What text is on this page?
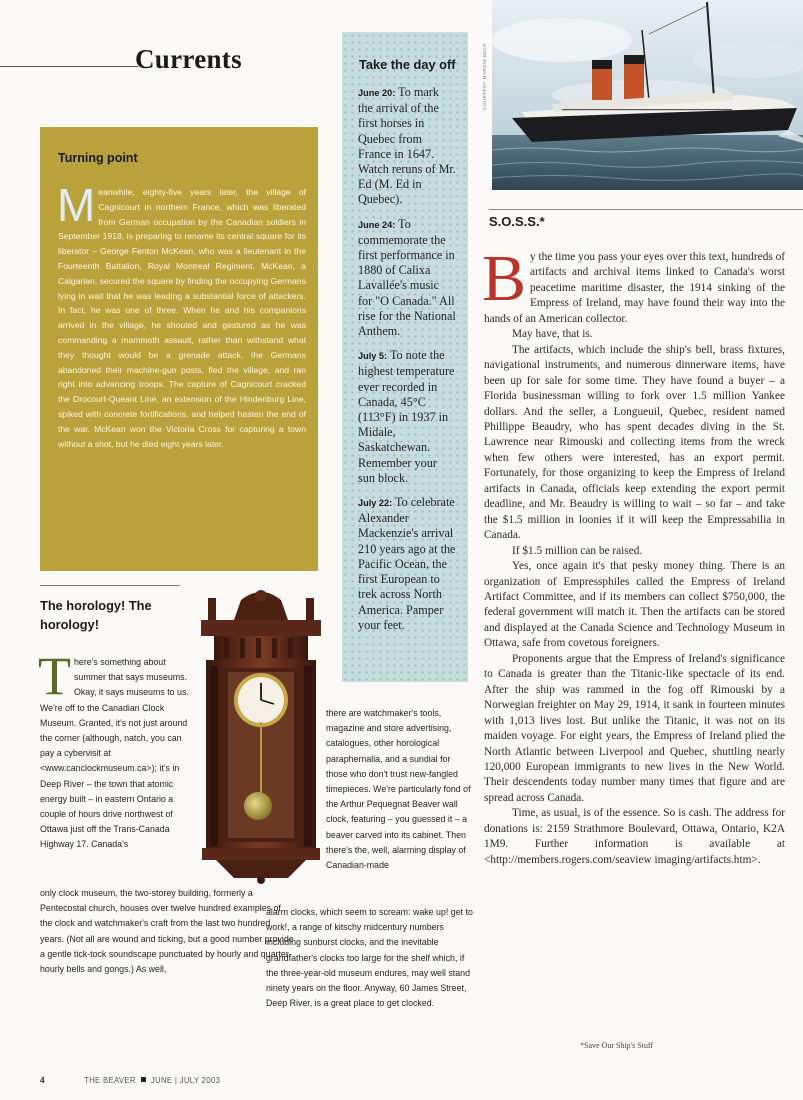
Currents
Turning point
Meanwhile, eighty-five years later, the village of Cagnicourt in northern France, which was liberated from German occupation by the Canadian soldiers in September 1918, is preparing to rename its central square for its liberator – George Fenton McKean, who was a lieutenant in the Fourteenth Battalion, Royal Montreal Regiment. McKean, a Calgarian, secured the square by finding the occupying Germans lying in wait that he was leading a substantial force of attackers. In fact, he was one of three. When he and his companions arrived in the village, he shouted and gestured as he was commanding a mammoth assault, rather than withstand what they thought would be a grenade attack, the Germans abandoned their machine-gun posts, fled the village, and ran right into advancing troops. The capture of Cagnicourt cracked the Drocourt-Queant Line, an extension of the Hindenburg Line, spiked with concrete fortifications, and helped hasten the end of the war. McKean won the Victoria Cross for capturing a town without a shot, but he died eight years later.
Take the day off
June 20: To mark the arrival of the first horses in Quebec from France in 1647. Watch reruns of Mr. Ed (M. Ed in Quebec).
June 24: To commemorate the first performance in 1880 of Calixa Lavallée's music for "O Canada." All rise for the National Anthem.
July 5: To note the highest temperature ever recorded in Canada, 45°C (113°F) in 1937 in Midale, Saskatchewan. Remember your sun block.
July 22: To celebrate Alexander Mackenzie's arrival 210 years ago at the Pacific Ocean, the first European to trek across North America. Pamper your feet.
COURTESY MARVIN BECK
S.O.S.S.*

By the time you pass your eyes over this text, hundreds of artifacts and archival items linked to Canada's worst peacetime maritime disaster, the 1914 sinking of the Empress of Ireland, may have found their way into the hands of an American collector.

May have, that is.

The artifacts, which include the ship's bell, brass fixtures, navigational instruments, and numerous dinnerware items, have been up for sale for some time. They have found a buyer – a Florida businessman willing to fork over 1.5 million Yankee dollars. And the seller, a Longueuil, Quebec, resident named Phillippe Beaudry, who has spent decades diving in the St. Lawrence near Rimouski and collecting items from the wreck when few others were interested, has an export permit. Fortunately, for those organizing to keep the Empress of Ireland artifacts in Canada, officials keep extending the export permit deadline, and Mr. Beaudry is willing to wait – so far – and take the $1.5 million in loonies if it will keep the Empressabilia in Canada.

If $1.5 million can be raised.

Yes, once again it's that pesky money thing. There is an organization of Empressphiles called the Empress of Ireland Artifact Committee, and if its members can collect $750,000, the federal government will match it. Then the artifacts can be stored and displayed at the Canada Science and Technology Museum in Ottawa, safe from covetous foreigners.

Proponents argue that the Empress of Ireland's significance to Canada is greater than the Titanic-like spectacle of its end. After the ship was rammed in the fog off Rimouski by a Norwegian freighter on May 29, 1914, it sank in fourteen minutes with 1,013 lives lost. But unlike the Titanic, it was not on its maiden voyage. For eight years, the Empress of Ireland plied the North Atlantic between Liverpool and Quebec, shuttling nearly 120,000 European immigrants to new lives in the New World. Their descendents today number many times that figure and are spread across Canada.

Time, as usual, is of the essence. So is cash. The address for donations is: 2159 Strathmore Boulevard, Ottawa, Ontario, K2A 1M9. Further information is available at <http://members.rogers.com/seaview imaging/artifacts.htm>.

*Save Our Ship's Stuff
The horology! The horology!
There's something about summer that says museums. Okay, it says museums to us. We're off to the Canadian Clock Museum. Granted, it's not just around the corner (although, natch, you can pay a cybervisit at <www.canclockmuseum.ca>); it's in Deep River – the town that atomic energy built – in eastern Ontario a couple of hours drive northwest of Ottawa just off the Trans-Canada Highway 17. Canada's
only clock museum, the two-storey building, formerly a Pentecostal church, houses over twelve hundred examples of the clock and watchmaker's craft from the last two hundred years. (Not all are wound and ticking, but a good number provide a gentle tick-tock soundscape punctuated by hourly and quarter-hourly bells and gongs.) As well,
there are watchmaker's tools, magazine and store advertising, catalogues, other horological paraphernalia, and a sundial for those who don't trust new-fangled timepieces. We're particularly fond of the Arthur Pequegnat Beaver wall clock, featuring – you guessed it – a beaver carved into its cabinet. Then there's the, well, alarming display of Canadian-made
alarm clocks, which seem to scream: wake up! get to work!, a range of kitschy midcentury numbers including sunburst clocks, and the inevitable grandfather's clocks too large for the shelf which, if the three-year-old museum endures, may well stand ninety years on the floor. Anyway, 60 James Street, Deep River, is a great place to get clocked.
4	THE BEAVER JUNE | JULY 2003
